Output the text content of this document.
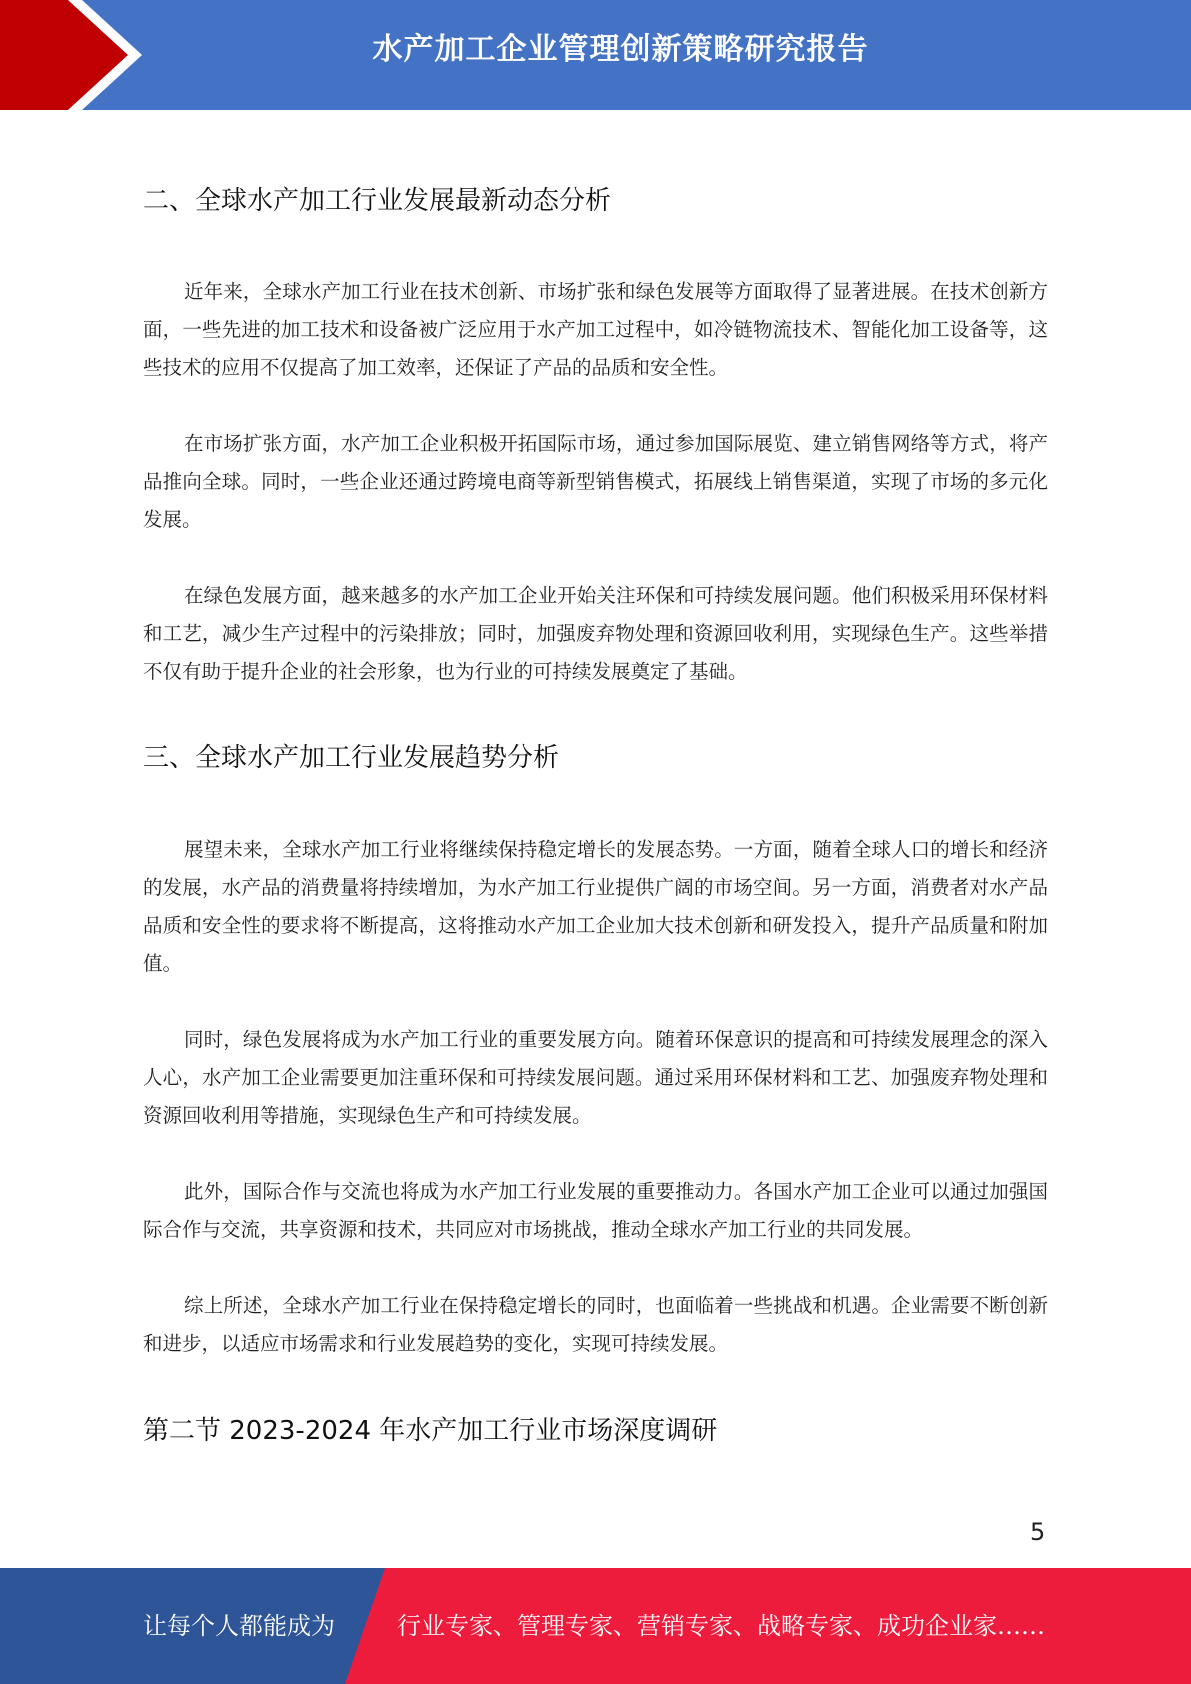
水产加工企业管理创新策略研究报告
二、全球水产加工行业发展最新动态分析
近年来，全球水产加工行业在技术创新、市场扩张和绿色发展等方面取得了显著进展。在技术创新方面，一些先进的加工技术和设备被广泛应用于水产加工过程中，如冷链物流技术、智能化加工设备等，这些技术的应用不仅提高了加工效率，还保证了产品的品质和安全性。
在市场扩张方面，水产加工企业积极开拓国际市场，通过参加国际展览、建立销售网络等方式，将产品推向全球。同时，一些企业还通过跨境电商等新型销售模式，拓展线上销售渠道，实现了市场的多元化发展。
在绿色发展方面，越来越多的水产加工企业开始关注环保和可持续发展问题。他们积极采用环保材料和工艺，减少生产过程中的污染排放；同时，加强废弃物处理和资源回收利用，实现绿色生产。这些举措不仅有助于提升企业的社会形象，也为行业的可持续发展奠定了基础。
三、全球水产加工行业发展趋势分析
展望未来，全球水产加工行业将继续保持稳定增长的发展态势。一方面，随着全球人口的增长和经济的发展，水产品的消费量将持续增加，为水产加工行业提供广阔的市场空间。另一方面，消费者对水产品品质和安全性的要求将不断提高，这将推动水产加工企业加大技术创新和研发投入，提升产品质量和附加值。
同时，绿色发展将成为水产加工行业的重要发展方向。随着环保意识的提高和可持续发展理念的深入人心，水产加工企业需要更加注重环保和可持续发展问题。通过采用环保材料和工艺、加强废弃物处理和资源回收利用等措施，实现绿色生产和可持续发展。
此外，国际合作与交流也将成为水产加工行业发展的重要推动力。各国水产加工企业可以通过加强国际合作与交流，共享资源和技术，共同应对市场挑战，推动全球水产加工行业的共同发展。
综上所述，全球水产加工行业在保持稳定增长的同时，也面临着一些挑战和机遇。企业需要不断创新和进步，以适应市场需求和行业发展趋势的变化，实现可持续发展。
第二节 2023-2024 年水产加工行业市场深度调研
5
让每个人都能成为	行业专家、管理专家、营销专家、战略专家、成功企业家……
